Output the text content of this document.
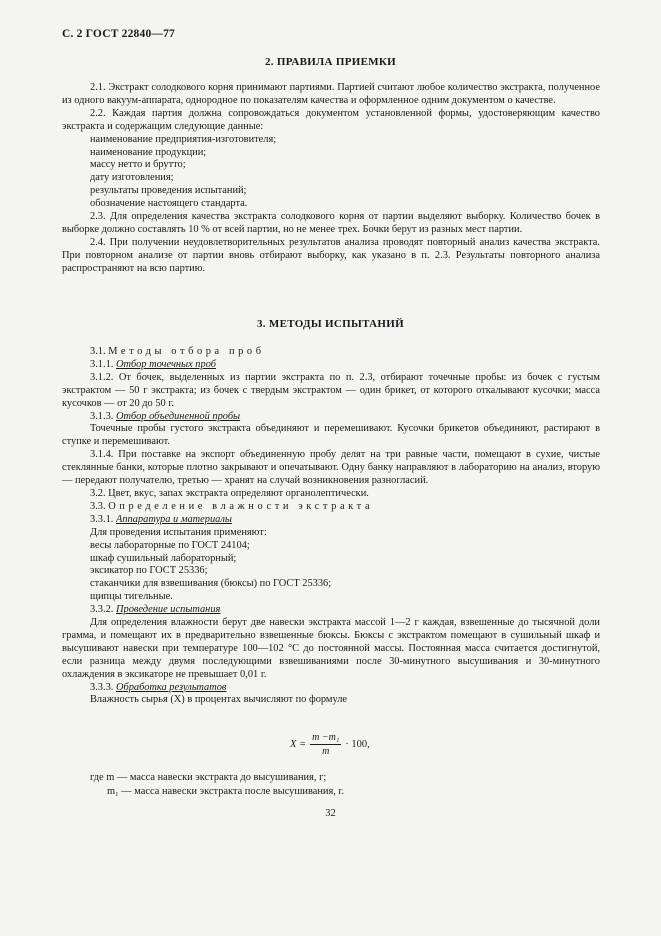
С. 2 ГОСТ 22840—77
2. ПРАВИЛА ПРИЕМКИ

2.1. Экстракт солодкового корня принимают партиями. Партией считают любое количество экстракта, полученное из одного вакуум-аппарата, однородное по показателям качества и оформленное одним документом о качестве.

2.2. Каждая партия должна сопровождаться документом установленной формы, удостоверяющим качество экстракта и содержащим следующие данные:

наименование предприятия-изготовителя;

наименование продукции;

массу нетто и брутто;

дату изготовления;

результаты проведения испытаний;

обозначение настоящего стандарта.

2.3. Для определения качества экстракта солодкового корня от партии выделяют выборку. Количество бочек в выборке должно составлять 10 % от всей партии, но не менее трех. Бочки берут из разных мест партии.

2.4. При получении неудовлетворительных результатов анализа проводят повторный анализ качества экстракта. При повторном анализе от партии вновь отбирают выборку, как указано в п. 2.3. Результаты повторного анализа распространяют на всю партию.

3. МЕТОДЫ ИСПЫТАНИЙ

3.1. Методы отбора проб

3.1.1. Отбор точечных проб

3.1.2. От бочек, выделенных из партии экстракта по п. 2.3, отбирают точечные пробы: из бочек с густым экстрактом — 50 г экстракта; из бочек с твердым экстрактом — один брикет, от которого откалывают кусочки; масса кусочков — от 20 до 50 г.

3.1.3. Отбор объединенной пробы

Точечные пробы густого экстракта объединяют и перемешивают. Кусочки брикетов объединяют, растирают в ступке и перемешивают.

3.1.4. При поставке на экспорт объединенную пробу делят на три равные части, помещают в сухие, чистые стеклянные банки, которые плотно закрывают и опечатывают. Одну банку направляют в лабораторию на анализ, вторую — передают получателю, третью — хранят на случай возникновения разногласий.

3.2. Цвет, вкус, запах экстракта определяют органолептически.

3.3. Определение влажности экстракта

3.3.1. Аппаратура и материалы

Для проведения испытания применяют:

весы лабораторные по ГОСТ 24104;

шкаф сушильный лабораторный;

эксикатор по ГОСТ 25336;

стаканчики для взвешивания (бюксы) по ГОСТ 25336;

щипцы тигельные.

3.3.2. Проведение испытания

Для определения влажности берут две навески экстракта массой 1—2 г каждая, взвешенные до тысячной доли грамма, и помещают их в предварительно взвешенные бюксы. Бюксы с экстрактом помещают в сушильный шкаф и высушивают навески при температуре 100—102 °С до постоянной массы. Постоянная масса считается достигнутой, если разница между двумя последующими взвешиваниями после 30-минутного высушивания и 30-минутного охлаждения в эксикаторе не превышает 0,01 г.

3.3.3. Обработка результатов

Влажность сырья (X) в процентах вычисляют по формуле

$X = \frac{\text{m −m₁}}{m} \cdot 100$,
где m — масса навески экстракта до высушивания, г;
m₁ — масса навески экстракта после высушивания, г.
32
